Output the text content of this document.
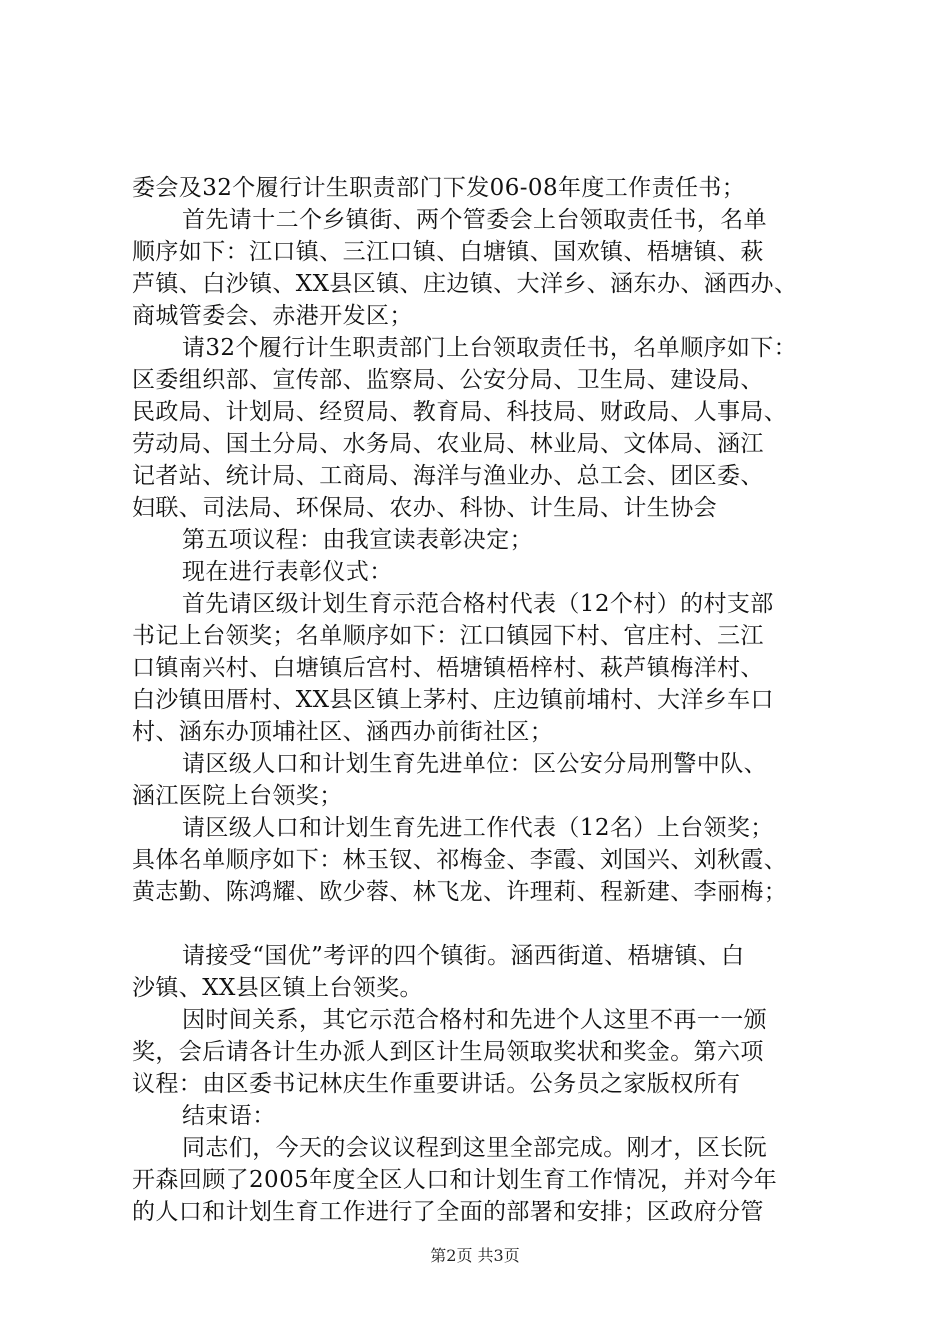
委会及32个履行计生职责部门下发06-08年度工作责任书；
首先请十二个乡镇街、两个管委会上台领取责任书，名单
顺序如下：江口镇、三江口镇、白塘镇、国欢镇、梧塘镇、萩
芦镇、白沙镇、XX县区镇、庄边镇、大洋乡、涵东办、涵西办、
商城管委会、赤港开发区；
请32个履行计生职责部门上台领取责任书，名单顺序如下：
区委组织部、宣传部、监察局、公安分局、卫生局、建设局、
民政局、计划局、经贸局、教育局、科技局、财政局、人事局、
劳动局、国土分局、水务局、农业局、林业局、文体局、涵江
记者站、统计局、工商局、海洋与渔业办、总工会、团区委、
妇联、司法局、环保局、农办、科协、计生局、计生协会
第五项议程：由我宣读表彰决定；
现在进行表彰仪式：
首先请区级计划生育示范合格村代表（12个村）的村支部
书记上台领奖；名单顺序如下：江口镇园下村、官庄村、三江
口镇南兴村、白塘镇后宫村、梧塘镇梧梓村、萩芦镇梅洋村、
白沙镇田厝村、XX县区镇上茅村、庄边镇前埔村、大洋乡车口
村、涵东办顶埔社区、涵西办前街社区；
请区级人口和计划生育先进单位：区公安分局刑警中队、
涵江医院上台领奖；
请区级人口和计划生育先进工作代表（12名）上台领奖；
具体名单顺序如下：林玉钗、祁梅金、李霞、刘国兴、刘秋霞、
黄志勤、陈鸿耀、欧少蓉、林飞龙、许理莉、程新建、李丽梅；
请接受“国优”考评的四个镇街。涵西街道、梧塘镇、白
沙镇、XX县区镇上台领奖。
因时间关系，其它示范合格村和先进个人这里不再一一颁
奖，会后请各计生办派人到区计生局领取奖状和奖金。第六项
议程：由区委书记林庆生作重要讲话。公务员之家版权所有
结束语：
同志们，今天的会议议程到这里全部完成。刚才，区长阮
开森回顾了2005年度全区人口和计划生育工作情况，并对今年
的人口和计划生育工作进行了全面的部署和安排；区政府分管
第2页 共3页
